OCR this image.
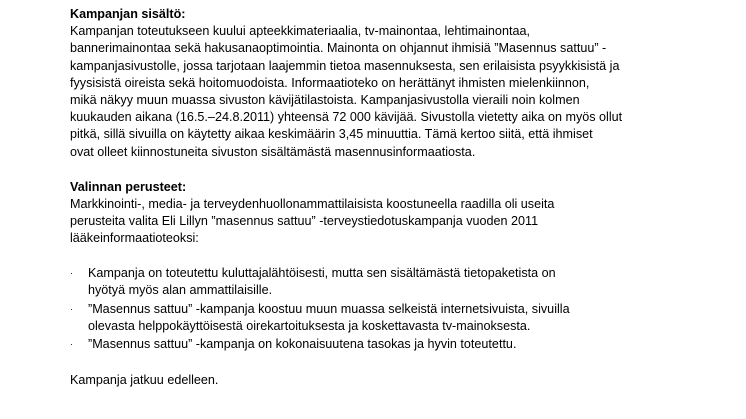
Kampanjan sisältö:

Kampanjan toteutukseen kuului apteekkimateriaalia, tv-mainontaa, lehtimainontaa,
bannerimainontaa sekä hakusanaoptimointia. Mainonta on ohjannut ihmisiä ”Masennus sattuu” -
kampanjasivustolle, jossa tarjotaan laajemmin tietoa masennuksesta, sen erilaisista psyykkisistä ja
fyysisistä oireista sekä hoitomuodoista. Informaatioteko on herättänyt ihmisten mielenkiinnon,
mikä näkyy muun muassa sivuston kävijätilastoista. Kampanjasivustolla vieraili noin kolmen
kuukauden aikana (16.5.–24.8.2011) yhteensä 72 000 kävijää. Sivustolla vietetty aika on myös ollut
pitkä, sillä sivuilla on käytetty aikaa keskimäärin 3,45 minuuttia. Tämä kertoo siitä, että ihmiset
ovat olleet kiinnostuneita sivuston sisältämästä masennusinformaatiosta.

Valinnan perusteet:

Markkinointi-, media- ja terveydenhuollonammattilaisista koostuneella raadilla oli useita
perusteita valita Eli Lillyn ”masennus sattuu” -terveystiedotuskampanja vuoden 2011
lääkeinformaatioteoksi:

· Kampanja on toteutettu kuluttajalähtöisesti, mutta sen sisältämästä tietopaketista on
hyötyä myös alan ammattilaisille.
· ”Masennus sattuu” -kampanja koostuu muun muassa selkeistä internetsivuista, sivuilla
olevasta helppokäyttöisestä oirekartoituksesta ja koskettavasta tv-mainoksesta.
· ”Masennus sattuu” -kampanja on kokonaisuutena tasokas ja hyvin toteutettu.

Kampanja jatkuu edelleen.
